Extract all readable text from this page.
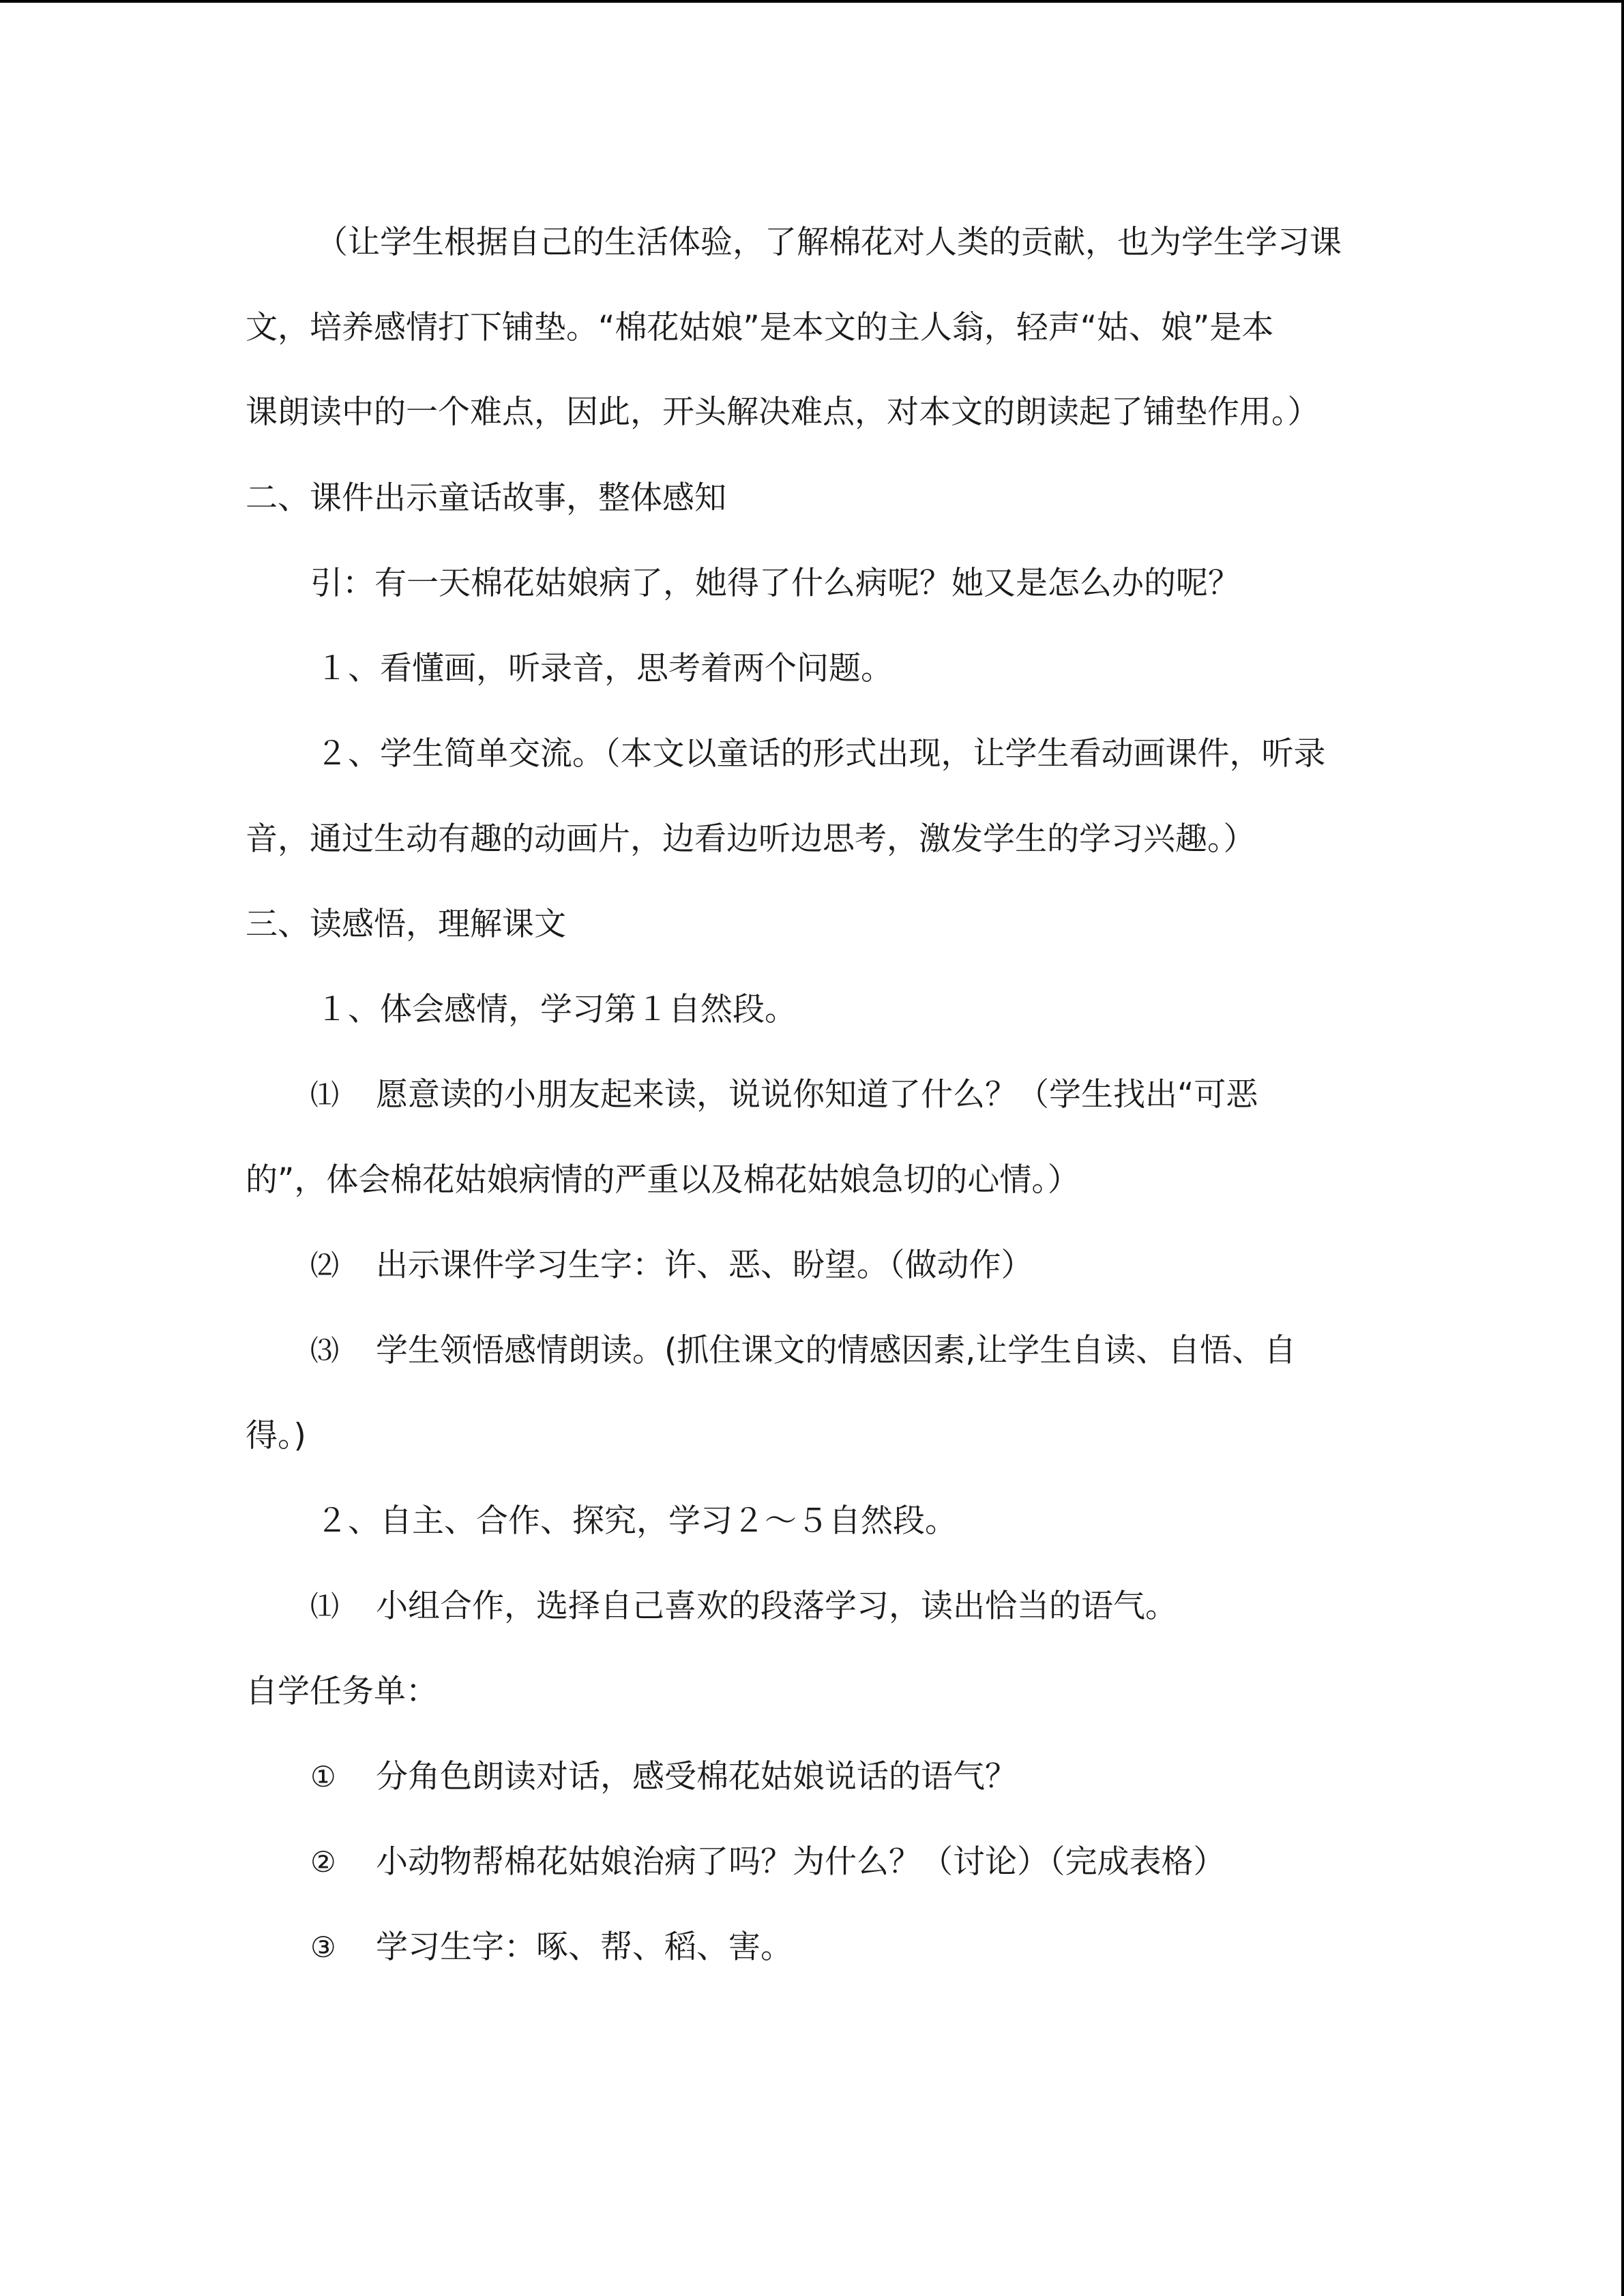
（让学生根据自己的生活体验，了解棉花对人类的贡献，也为学生学习课
文，培养感情打下铺垫。“棉花姑娘”是本文的主人翁，轻声“姑、娘”是本
课朗读中的一个难点，因此，开头解决难点，对本文的朗读起了铺垫作用。）
二、课件出示童话故事，整体感知
引：有一天棉花姑娘病了，她得了什么病呢？她又是怎么办的呢？
１、看懂画，听录音，思考着两个问题。
２、学生简单交流。（本文以童话的形式出现，让学生看动画课件，听录
音，通过生动有趣的动画片，边看边听边思考，激发学生的学习兴趣。）
三、读感悟，理解课文
１、体会感情，学习第１自然段。
⑴ 愿意读的小朋友起来读，说说你知道了什么？（学生找出“可恶
的”，体会棉花姑娘病情的严重以及棉花姑娘急切的心情。）
⑵ 出示课件学习生字：许、恶、盼望。（做动作）
⑶ 学生领悟感情朗读。(抓住课文的情感因素,让学生自读、自悟、自
得。)
２、自主、合作、探究，学习２～５自然段。
⑴ 小组合作，选择自己喜欢的段落学习，读出恰当的语气。
自学任务单：
① 分角色朗读对话，感受棉花姑娘说话的语气？
② 小动物帮棉花姑娘治病了吗？为什么？（讨论）（完成表格）
③ 学习生字：啄、帮、稻、害。
